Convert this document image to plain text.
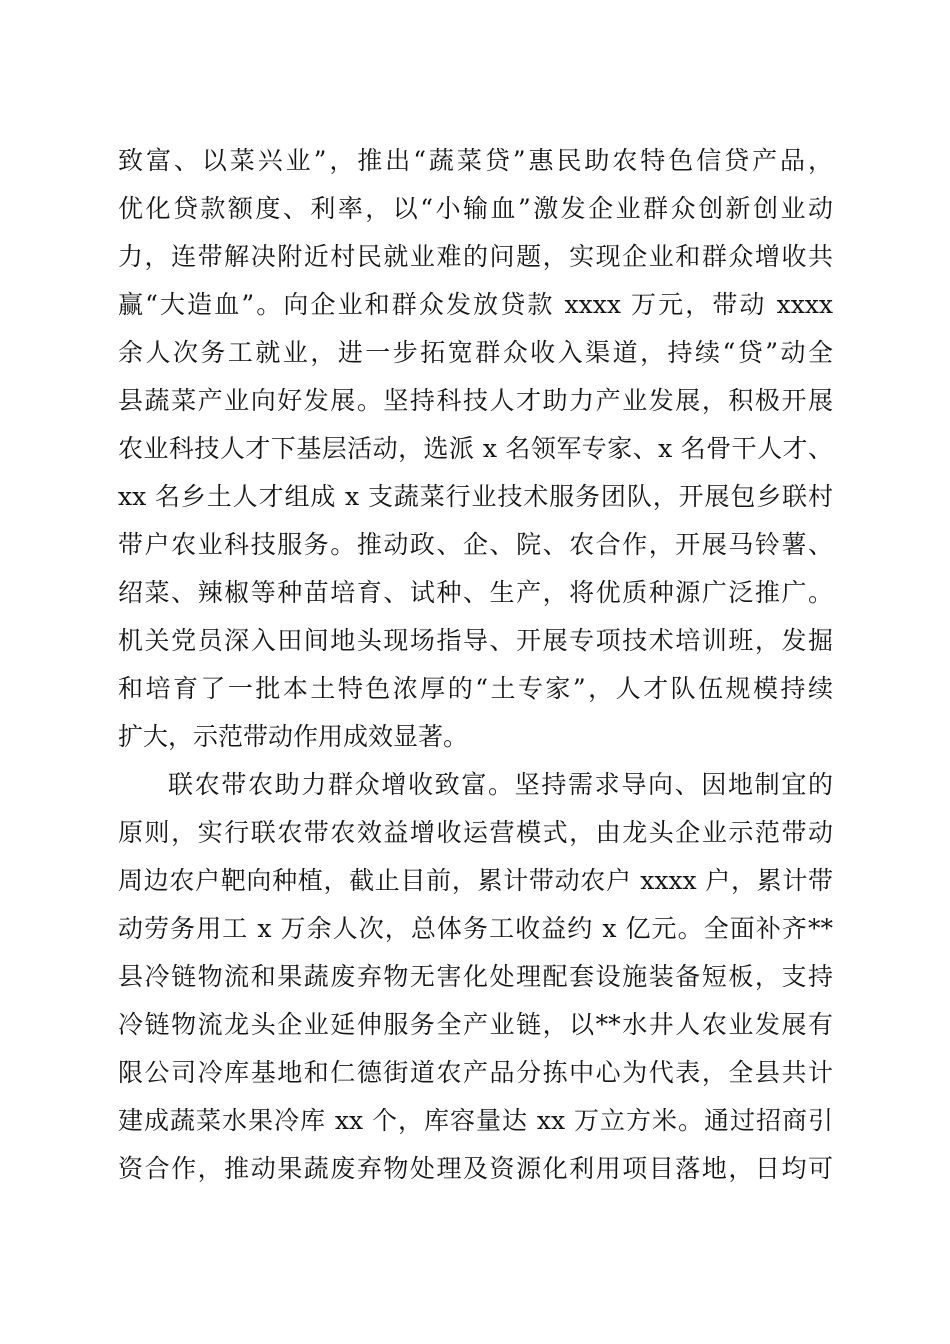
致富、以菜兴业”，推出“蔬菜贷”惠民助农特色信贷产品，
优化贷款额度、利率，以“小输血”激发企业群众创新创业动
力，连带解决附近村民就业难的问题，实现企业和群众增收共
赢“大造血”。向企业和群众发放贷款 xxxx 万元，带动 xxxx
余人次务工就业，进一步拓宽群众收入渠道，持续“贷”动全
县蔬菜产业向好发展。坚持科技人才助力产业发展，积极开展
农业科技人才下基层活动，选派 x 名领军专家、x 名骨干人才、
xx 名乡土人才组成 x 支蔬菜行业技术服务团队，开展包乡联村
带户农业科技服务。推动政、企、院、农合作，开展马铃薯、
绍菜、辣椒等种苗培育、试种、生产，将优质种源广泛推广。
机关党员深入田间地头现场指导、开展专项技术培训班，发掘
和培育了一批本土特色浓厚的“土专家”，人才队伍规模持续
扩大，示范带动作用成效显著。
联农带农助力群众增收致富。坚持需求导向、因地制宜的
原则，实行联农带农效益增收运营模式，由龙头企业示范带动
周边农户靶向种植，截止目前，累计带动农户 xxxx 户，累计带
动劳务用工 x 万余人次，总体务工收益约 x 亿元。全面补齐**
县冷链物流和果蔬废弃物无害化处理配套设施装备短板，支持
冷链物流龙头企业延伸服务全产业链，以**水井人农业发展有
限公司冷库基地和仁德街道农产品分拣中心为代表，全县共计
建成蔬菜水果冷库 xx 个，库容量达 xx 万立方米。通过招商引
资合作，推动果蔬废弃物处理及资源化利用项目落地，日均可
